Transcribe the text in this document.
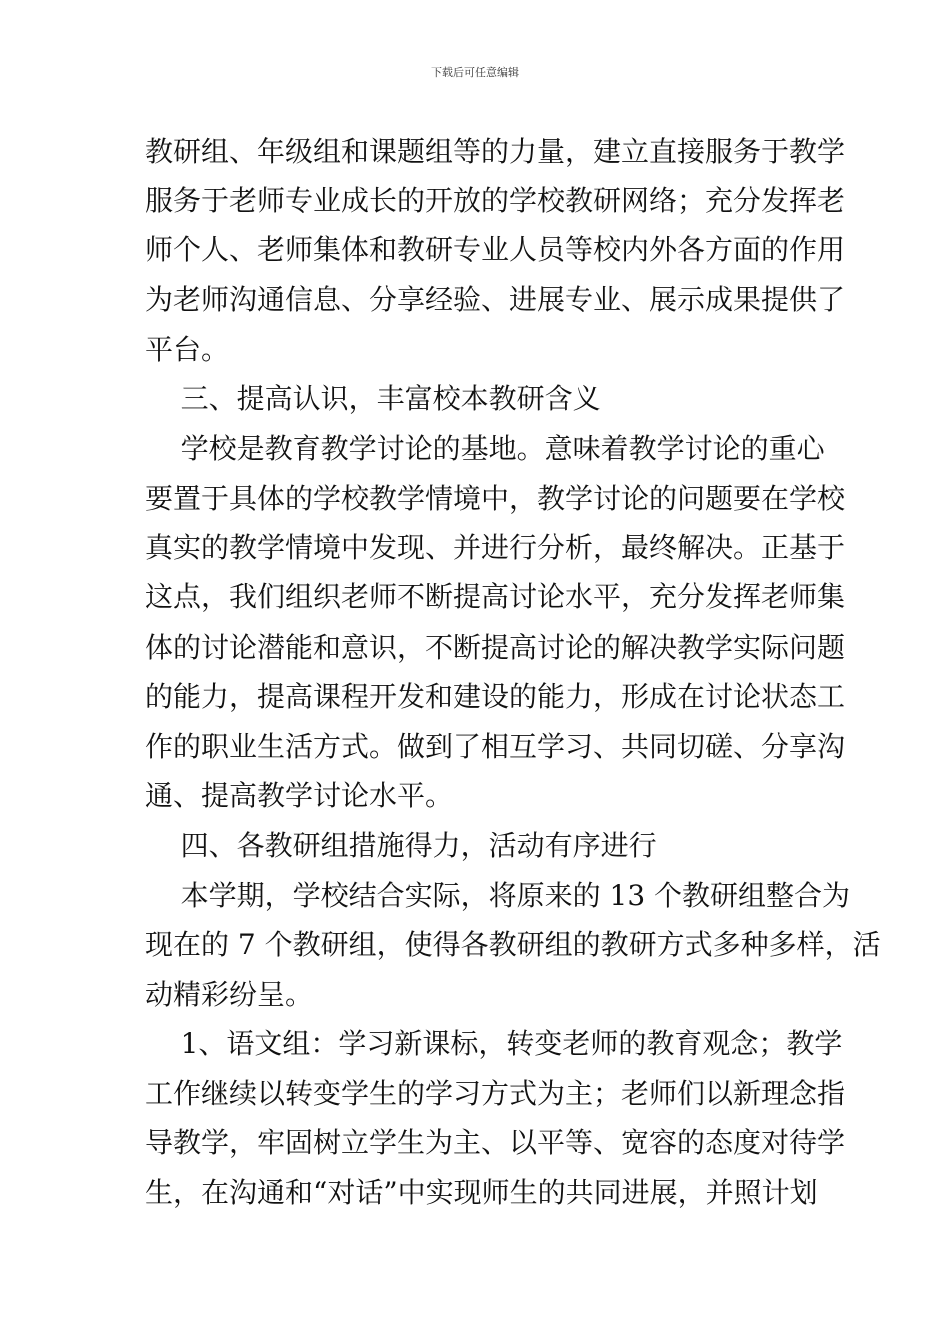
下载后可任意编辑
教研组、年级组和课题组等的力量，建立直接服务于教学
服务于老师专业成长的开放的学校教研网络；充分发挥老
师个人、老师集体和教研专业人员等校内外各方面的作用
为老师沟通信息、分享经验、进展专业、展示成果提供了
平台。
三、提高认识，丰富校本教研含义
学校是教育教学讨论的基地。意味着教学讨论的重心
要置于具体的学校教学情境中，教学讨论的问题要在学校
真实的教学情境中发现、并进行分析，最终解决。正基于
这点，我们组织老师不断提高讨论水平，充分发挥老师集
体的讨论潜能和意识，不断提高讨论的解决教学实际问题
的能力，提高课程开发和建设的能力，形成在讨论状态工
作的职业生活方式。做到了相互学习、共同切磋、分享沟
通、提高教学讨论水平。
四、各教研组措施得力，活动有序进行
本学期，学校结合实际，将原来的 13 个教研组整合为
现在的 7 个教研组，使得各教研组的教研方式多种多样，活
动精彩纷呈。
1、语文组：学习新课标，转变老师的教育观念；教学
工作继续以转变学生的学习方式为主；老师们以新理念指
导教学，牢固树立学生为主、以平等、宽容的态度对待学
生，在沟通和“对话”中实现师生的共同进展，并照计划
